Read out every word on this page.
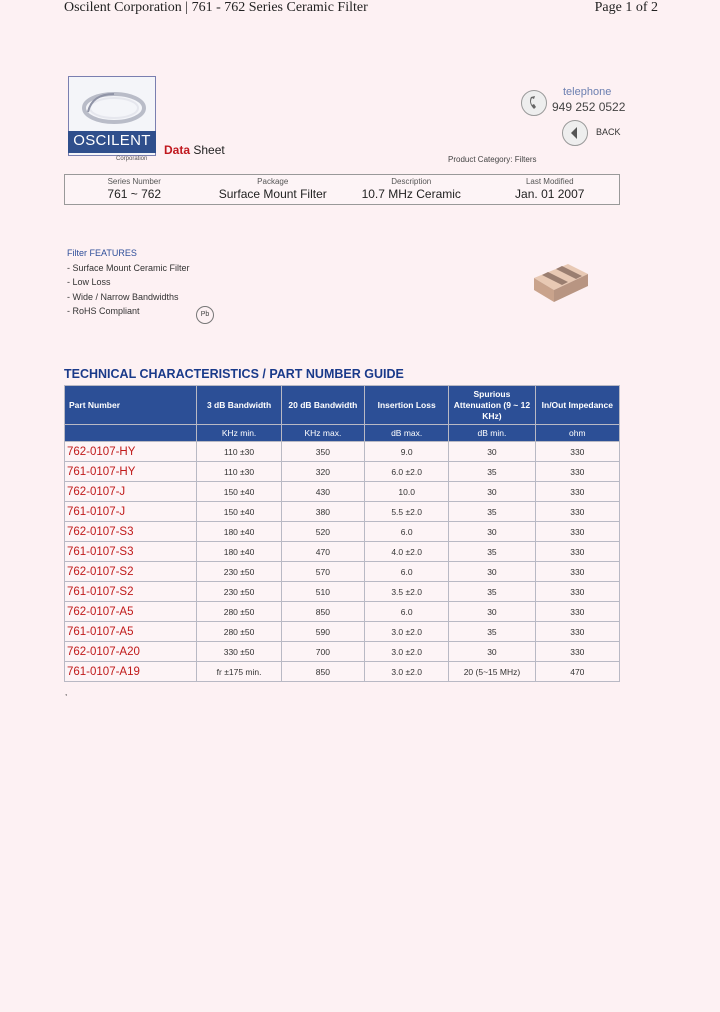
Oscilent Corporation | 761 - 762 Series Ceramic Filter	Page 1 of 2
OSCILENT
Corporation
Data Sheet
telephone
949 252 0522
BACK
Product Category: Filters
Series Number
761 ~ 762
Package
Surface Mount Filter
Description
10.7 MHz Ceramic
Last Modified
Jan. 01 2007
Filter FEATURES
- Surface Mount Ceramic Filter
- Low Loss
- Wide / Narrow Bandwidths
- RoHS Compliant	Pb
TECHNICAL CHARACTERISTICS / PART NUMBER GUIDE
Part Number	3 dB Bandwidth	20 dB Bandwidth	Insertion Loss	Spurious Attenuation (9 ~ 12 KHz)	In/Out Impedance
	KHz min.	KHz max.	dB max.	dB min.	ohm
762-0107-HY	110 ±30	350	9.0	30	330
761-0107-HY	110 ±30	320	6.0 ±2.0	35	330
762-0107-J	150 ±40	430	10.0	30	330
761-0107-J	150 ±40	380	5.5 ±2.0	35	330
762-0107-S3	180 ±40	520	6.0	30	330
761-0107-S3	180 ±40	470	4.0 ±2.0	35	330
762-0107-S2	230 ±50	570	6.0	30	330
761-0107-S2	230 ±50	510	3.5 ±2.0	35	330
762-0107-A5	280 ±50	850	6.0	30	330
761-0107-A5	280 ±50	590	3.0 ±2.0	35	330
762-0107-A20	330 ±50	700	3.0 ±2.0	30	330
761-0107-A19	fr ±175 min.	850	3.0 ±2.0	20 (5~15 MHz)	470
,
